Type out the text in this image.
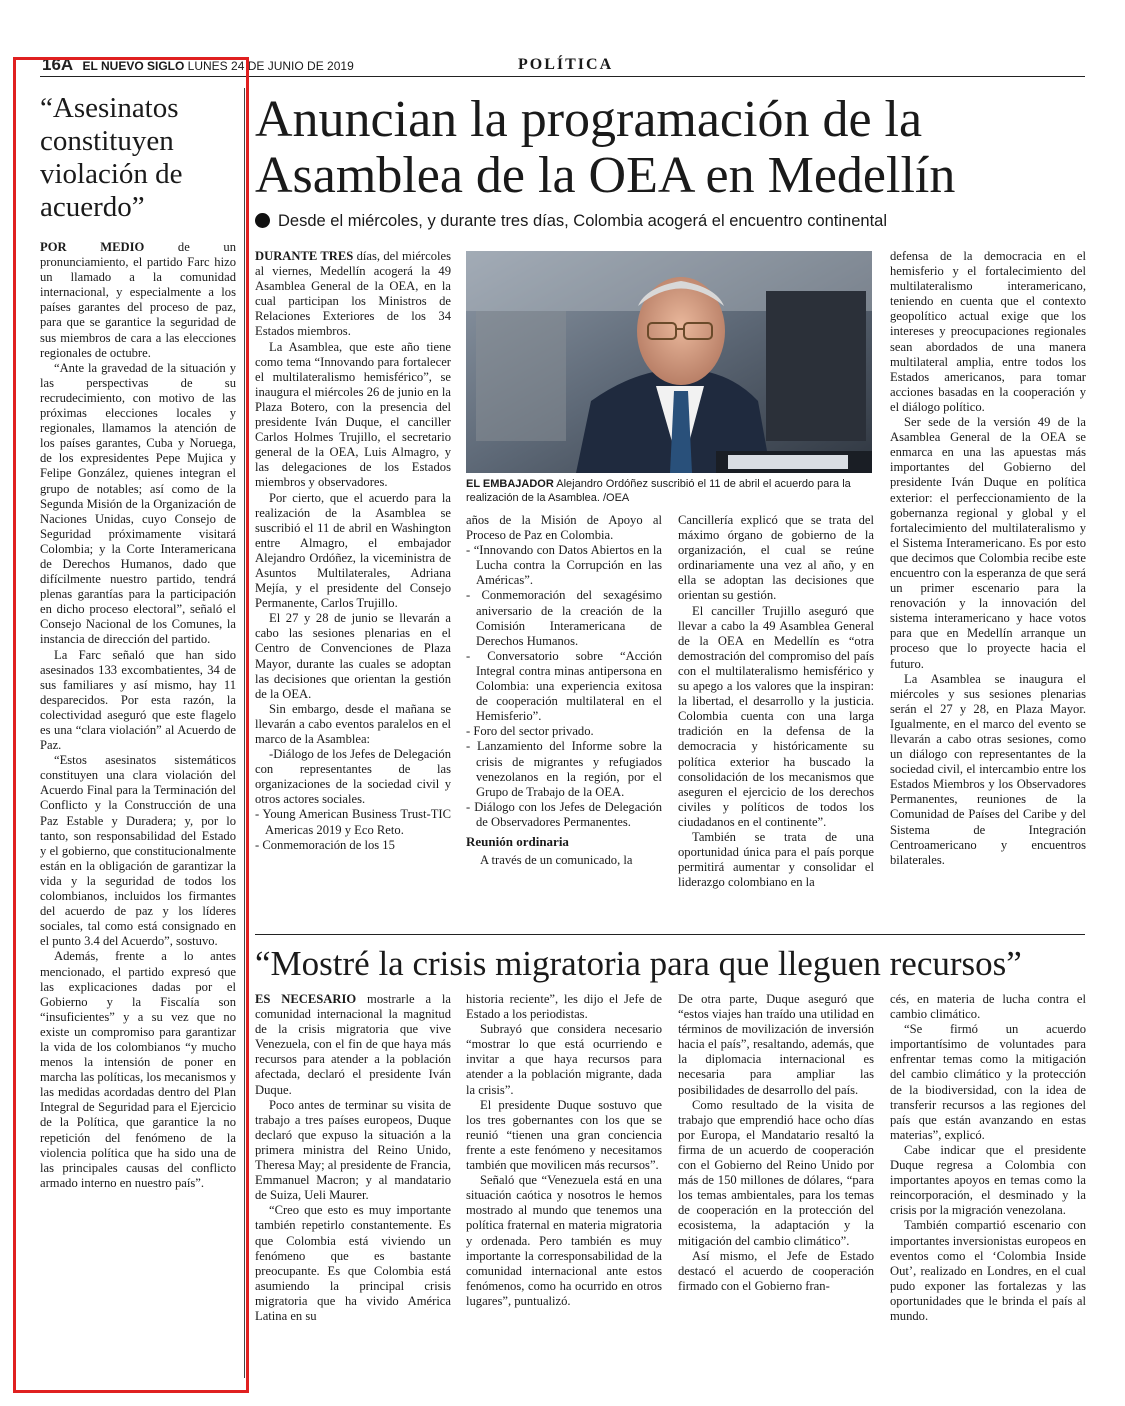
16A EL NUEVO SIGLO LUNES 24 DE JUNIO DE 2019	POLÍTICA
“Asesinatos constituyen violación de acuerdo”

POR MEDIO de un pronunciamiento, el partido Farc hizo un llamado a la comunidad internacional, y especialmente a los países garantes del proceso de paz, para que se garantice la seguridad de sus miembros de cara a las elecciones regionales de octubre.

“Ante la gravedad de la situación y las perspectivas de su recrudecimiento, con motivo de las próximas elecciones locales y regionales, llamamos la atención de los países garantes, Cuba y Noruega, de los expresidentes Pepe Mujica y Felipe González, quienes integran el grupo de notables; así como de la Segunda Misión de la Organización de Naciones Unidas, cuyo Consejo de Seguridad próximamente visitará Colombia; y la Corte Interamericana de Derechos Humanos, dado que difícilmente nuestro partido, tendrá plenas garantías para la participación en dicho proceso electoral”, señaló el Consejo Nacional de los Comunes, la instancia de dirección del partido.

La Farc señaló que han sido asesinados 133 excombatientes, 34 de sus familiares y así mismo, hay 11 desparecidos. Por esta razón, la colectividad aseguró que este flagelo es una “clara violación” al Acuerdo de Paz.

“Estos asesinatos sistemáticos constituyen una clara violación del Acuerdo Final para la Terminación del Conflicto y la Construcción de una Paz Estable y Duradera; y, por lo tanto, son responsabilidad del Estado y el gobierno, que constitucionalmente están en la obligación de garantizar la vida y la seguridad de todos los colombianos, incluidos los firmantes del acuerdo de paz y los líderes sociales, tal como está consignado en el punto 3.4 del Acuerdo”, sostuvo.

Además, frente a lo antes mencionado, el partido expresó que las explicaciones dadas por el Gobierno y la Fiscalía son “insuficientes” y a su vez que no existe un compromiso para garantizar la vida de los colombianos “y mucho menos la intensión de poner en marcha las políticas, los mecanismos y las medidas acordadas dentro del Plan Integral de Seguridad para el Ejercicio de la Política, que garantice la no repetición del fenómeno de la violencia política que ha sido una de las principales causas del conflicto armado interno en nuestro país”.

Anuncian la programación de la Asamblea de la OEA en Medellín
Desde el miércoles, y durante tres días, Colombia acogerá el encuentro continental

DURANTE TRES días, del miércoles al viernes, Medellín acogerá la 49 Asamblea General de la OEA, en la cual participan los Ministros de Relaciones Exteriores de los 34 Estados miembros.

La Asamblea, que este año tiene como tema “Innovando para fortalecer el multilateralismo hemisférico”, se inaugura el miércoles 26 de junio en la Plaza Botero, con la presencia del presidente Iván Duque, el canciller Carlos Holmes Trujillo, el secretario general de la OEA, Luis Almagro, y las delegaciones de los Estados miembros y observadores.

Por cierto, que el acuerdo para la realización de la Asamblea se suscribió el 11 de abril en Washington entre Almagro, el embajador Alejandro Ordóñez, la viceministra de Asuntos Multilaterales, Adriana Mejía, y el presidente del Consejo Permanente, Carlos Trujillo.

El 27 y 28 de junio se llevarán a cabo las sesiones plenarias en el Centro de Convenciones de Plaza Mayor, durante las cuales se adoptan las decisiones que orientan la gestión de la OEA.

Sin embargo, desde el mañana se llevarán a cabo eventos paralelos en el marco de la Asamblea:

-Diálogo de los Jefes de Delegación con representantes de las organizaciones de la sociedad civil y otros actores sociales.

- Young American Business Trust-TIC Americas 2019 y Eco Reto.
- Conmemoración de los 15
EL EMBAJADOR Alejandro Ordóñez suscribió el 11 de abril el acuerdo para la realización de la Asamblea. /OEA
años de la Misión de Apoyo al Proceso de Paz en Colombia.
- “Innovando con Datos Abiertos en la Lucha contra la Corrupción en las Américas”.
- Conmemoración del sexagésimo aniversario de la creación de la Comisión Interamericana de Derechos Humanos.
- Conversatorio sobre “Acción Integral contra minas antipersona en Colombia: una experiencia exitosa de cooperación multilateral en el Hemisferio”.
- Foro del sector privado.
- Lanzamiento del Informe sobre la crisis de migrantes y refugiados venezolanos en la región, por el Grupo de Trabajo de la OEA.
- Diálogo con los Jefes de Delegación de Observadores Permanentes.
Reunión ordinaria

A través de un comunicado, la

Cancillería explicó que se trata del máximo órgano de gobierno de la organización, el cual se reúne ordinariamente una vez al año, y en ella se adoptan las decisiones que orientan su gestión.

El canciller Trujillo aseguró que llevar a cabo la 49 Asamblea General de la OEA en Medellín es “otra demostración del compromiso del país con el multilateralismo hemisférico y su apego a los valores que la inspiran: la libertad, el desarrollo y la justicia. Colombia cuenta con una larga tradición en la defensa de la democracia y históricamente su política exterior ha buscado la consolidación de los mecanismos que aseguren el ejercicio de los derechos civiles y políticos de todos los ciudadanos en el continente”.

También se trata de una oportunidad única para el país porque permitirá aumentar y consolidar el liderazgo colombiano en la

defensa de la democracia en el hemisferio y el fortalecimiento del multilateralismo interamericano, teniendo en cuenta que el contexto geopolítico actual exige que los intereses y preocupaciones regionales sean abordados de una manera multilateral amplia, entre todos los Estados americanos, para tomar acciones basadas en la cooperación y el diálogo político.

Ser sede de la versión 49 de la Asamblea General de la OEA se enmarca en una las apuestas más importantes del Gobierno del presidente Iván Duque en política exterior: el perfeccionamiento de la gobernanza regional y global y el fortalecimiento del multilateralismo y el Sistema Interamericano. Es por esto que decimos que Colombia recibe este encuentro con la esperanza de que será un primer escenario para la renovación y la innovación del sistema interamericano y hace votos para que en Medellín arranque un proceso que lo proyecte hacia el futuro.

La Asamblea se inaugura el miércoles y sus sesiones plenarias serán el 27 y 28, en Plaza Mayor. Igualmente, en el marco del evento se llevarán a cabo otras sesiones, como un diálogo con representantes de la sociedad civil, el intercambio entre los Estados Miembros y los Observadores Permanentes, reuniones de la Comunidad de Países del Caribe y del Sistema de Integración Centroamericano y encuentros bilaterales.

“Mostré la crisis migratoria para que lleguen recursos”

ES NECESARIO mostrarle a la comunidad internacional la magnitud de la crisis migratoria que vive Venezuela, con el fin de que haya más recursos para atender a la población afectada, declaró el presidente Iván Duque.

Poco antes de terminar su visita de trabajo a tres países europeos, Duque declaró que expuso la situación a la primera ministra del Reino Unido, Theresa May; al presidente de Francia, Emmanuel Macron; y al mandatario de Suiza, Ueli Maurer.

“Creo que esto es muy importante también repetirlo constantemente. Es que Colombia está viviendo un fenómeno que es bastante preocupante. Es que Colombia está asumiendo la principal crisis migratoria que ha vivido América Latina en su

historia reciente”, les dijo el Jefe de Estado a los periodistas.

Subrayó que considera necesario “mostrar lo que está ocurriendo e invitar a que haya recursos para atender a la población migrante, dada la crisis”.

El presidente Duque sostuvo que los tres gobernantes con los que se reunió “tienen una gran conciencia frente a este fenómeno y necesitamos también que movilicen más recursos”.

Señaló que “Venezuela está en una situación caótica y nosotros le hemos mostrado al mundo que tenemos una política fraternal en materia migratoria y ordenada. Pero también es muy importante la corresponsabilidad de la comunidad internacional ante estos fenómenos, como ha ocurrido en otros lugares”, puntualizó.

De otra parte, Duque aseguró que “estos viajes han traído una utilidad en términos de movilización de inversión hacia el país”, resaltando, además, que la diplomacia internacional es necesaria para ampliar las posibilidades de desarrollo del país.

Como resultado de la visita de trabajo que emprendió hace ocho días por Europa, el Mandatario resaltó la firma de un acuerdo de cooperación con el Gobierno del Reino Unido por más de 150 millones de dólares, “para los temas ambientales, para los temas de cooperación en la protección del ecosistema, la adaptación y la mitigación del cambio climático”.

Así mismo, el Jefe de Estado destacó el acuerdo de cooperación firmado con el Gobierno fran-

cés, en materia de lucha contra el cambio climático.

“Se firmó un acuerdo importantísimo de voluntades para enfrentar temas como la mitigación del cambio climático y la protección de la biodiversidad, con la idea de transferir recursos a las regiones del país que están avanzando en estas materias”, explicó.

Cabe indicar que el presidente Duque regresa a Colombia con importantes apoyos en temas como la reincorporación, el desminado y la crisis por la migración venezolana.

También compartió escenario con importantes inversionistas europeos en eventos como el ‘Colombia Inside Out’, realizado en Londres, en el cual pudo exponer las fortalezas y las oportunidades que le brinda el país al mundo.
